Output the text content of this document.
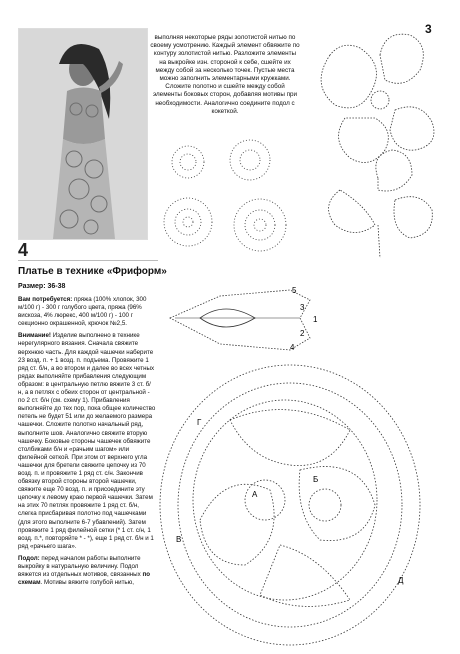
3
выполняя некоторые ряды золотистой нитью по своему усмотрению. Каждый элемент обвяжите по контуру золотистой нитью. Разложите элементы на выкройке изн. стороной к себе, сшейте их между собой за несколько точек. Пустые места можно заполнить элементарными кружками. Сложите полотно и сшейте между собой элементы боковых сторон, добавляя мотивы при необходимости. Аналогично соедините подол с кокеткой.
4
Платье в технике «Фриформ»
Размер: 36-38

Вам потребуется: пряжа (100% хлопок, 300 м/100 г) - 300 г голубого цвета, пряжа (96% вискоза, 4% люрекс, 400 м/100 г) - 100 г секционно окрашенной, крючок №2,5.

Внимание! Изделие выполнено в технике нерегулярного вязания. Сначала свяжите верхнюю часть. Для каждой чашечки наберите 23 возд. п. + 1 возд. п. подъема. Провяжите 1 ряд ст. б/н, а во втором и далее во всех четных рядах выполняйте прибавления следующим образом: в центральную петлю вяжите 3 ст. б/н, а в петлях с обеих сторон от центральной - по 2 ст. б/н (см. схему 1). Прибавления выполняйте до тех пор, пока общее количество петель не будет 51 или до желаемого размера чашечки. Сложите полотно начальный ряд, выполните шов. Аналогично свяжите вторую чашечку. Боковые стороны чашечек обвяжите столбиками б/н и «рачьим шагом» или филейной сеткой. При этом от верхнего угла чашечки для бретели свяжите цепочку из 70 возд. п. и провяжите 1 ряд ст. с/н. Закончив обвязку второй стороны второй чашечки, свяжите еще 70 возд. п. и присоедините эту цепочку к левому краю первой чашечки. Затем на этих 70 петлях провяжите 1 ряд ст. б/н, слегка присбаривая полотно под чашечками (для этого выполните 6-7 убавлений). Затем провяжите 1 ряд филейной сетки (* 1 ст. с/н, 1 возд. п.*, повторяйте * - *), еще 1 ряд ст. б/н и 1 ряд «рачьего шага».

Подол: перед началом работы выполните выкройку в натуральную величину. Подол вяжется из отдельных мотивов, связанных по схемам. Мотивы вяжите голубой нитью,

5
3
1
2
4
Г
А
Б
В
Д
